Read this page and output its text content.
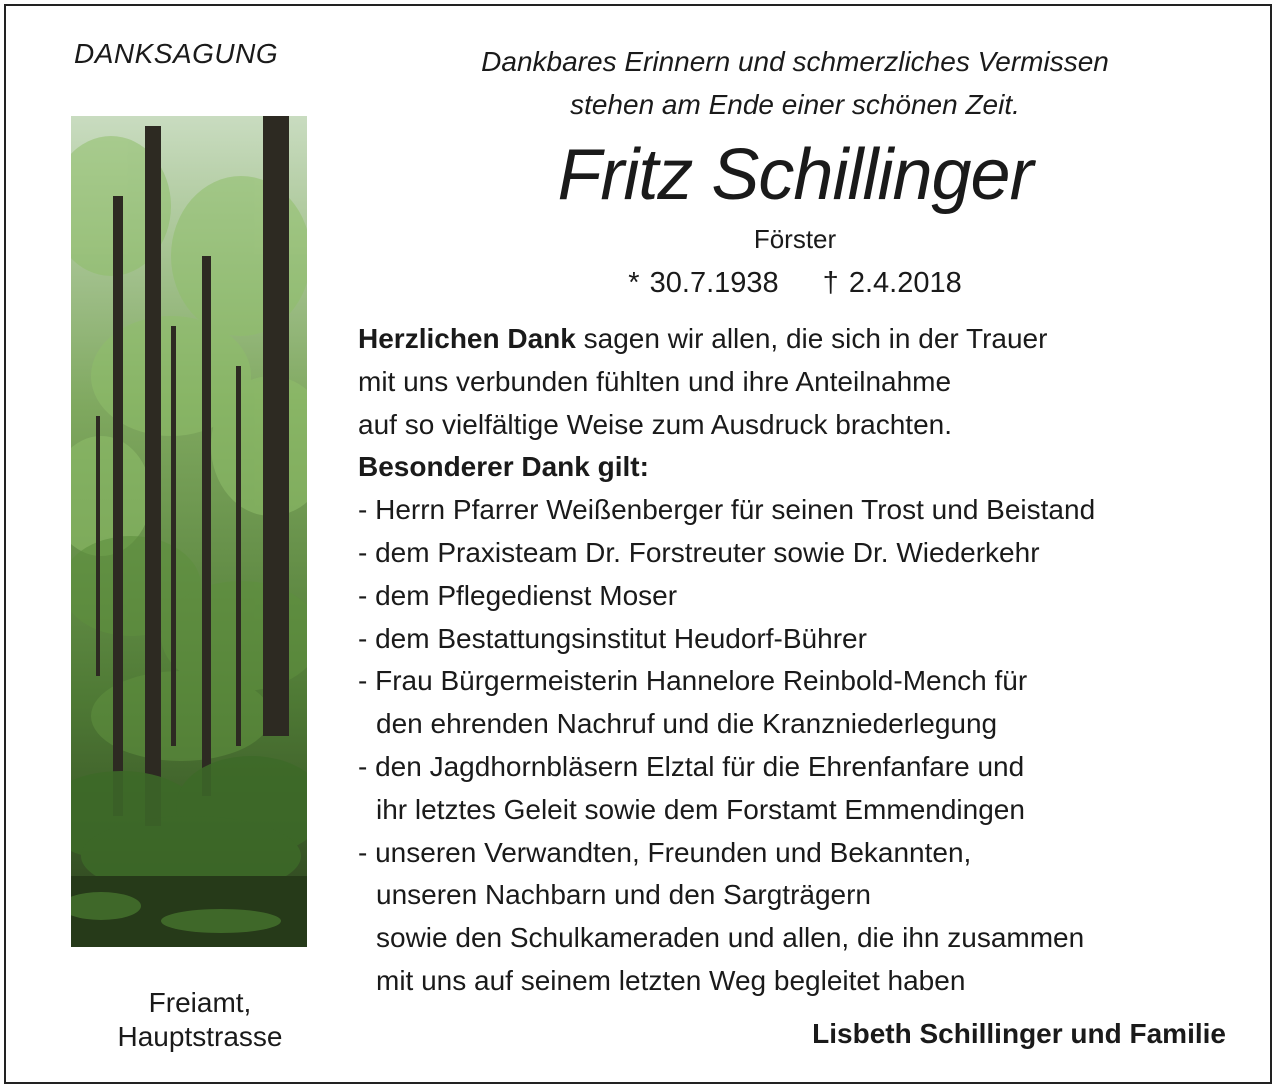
DANKSAGUNG
Freiamt,
Hauptstrasse
Dankbares Erinnern und schmerzliches Vermissen
stehen am Ende einer schönen Zeit.
Fritz Schillinger
Förster
* 30.7.1938 † 2.4.2018
Herzlichen Dank sagen wir allen, die sich in der Trauer
mit uns verbunden fühlten und ihre Anteilnahme
auf so vielfältige Weise zum Ausdruck brachten.
Besonderer Dank gilt:
- Herrn Pfarrer Weißenberger für seinen Trost und Beistand
- dem Praxisteam Dr. Forstreuter sowie Dr. Wiederkehr
- dem Pflegedienst Moser
- dem Bestattungsinstitut Heudorf-Bührer
- Frau Bürgermeisterin Hannelore Reinbold-Mench für
den ehrenden Nachruf und die Kranzniederlegung
- den Jagdhornbläsern Elztal für die Ehrenfanfare und
ihr letztes Geleit sowie dem Forstamt Emmendingen
- unseren Verwandten, Freunden und Bekannten,
unseren Nachbarn und den Sargträgern
sowie den Schulkameraden und allen, die ihn zusammen
mit uns auf seinem letzten Weg begleitet haben
Lisbeth Schillinger und Familie
